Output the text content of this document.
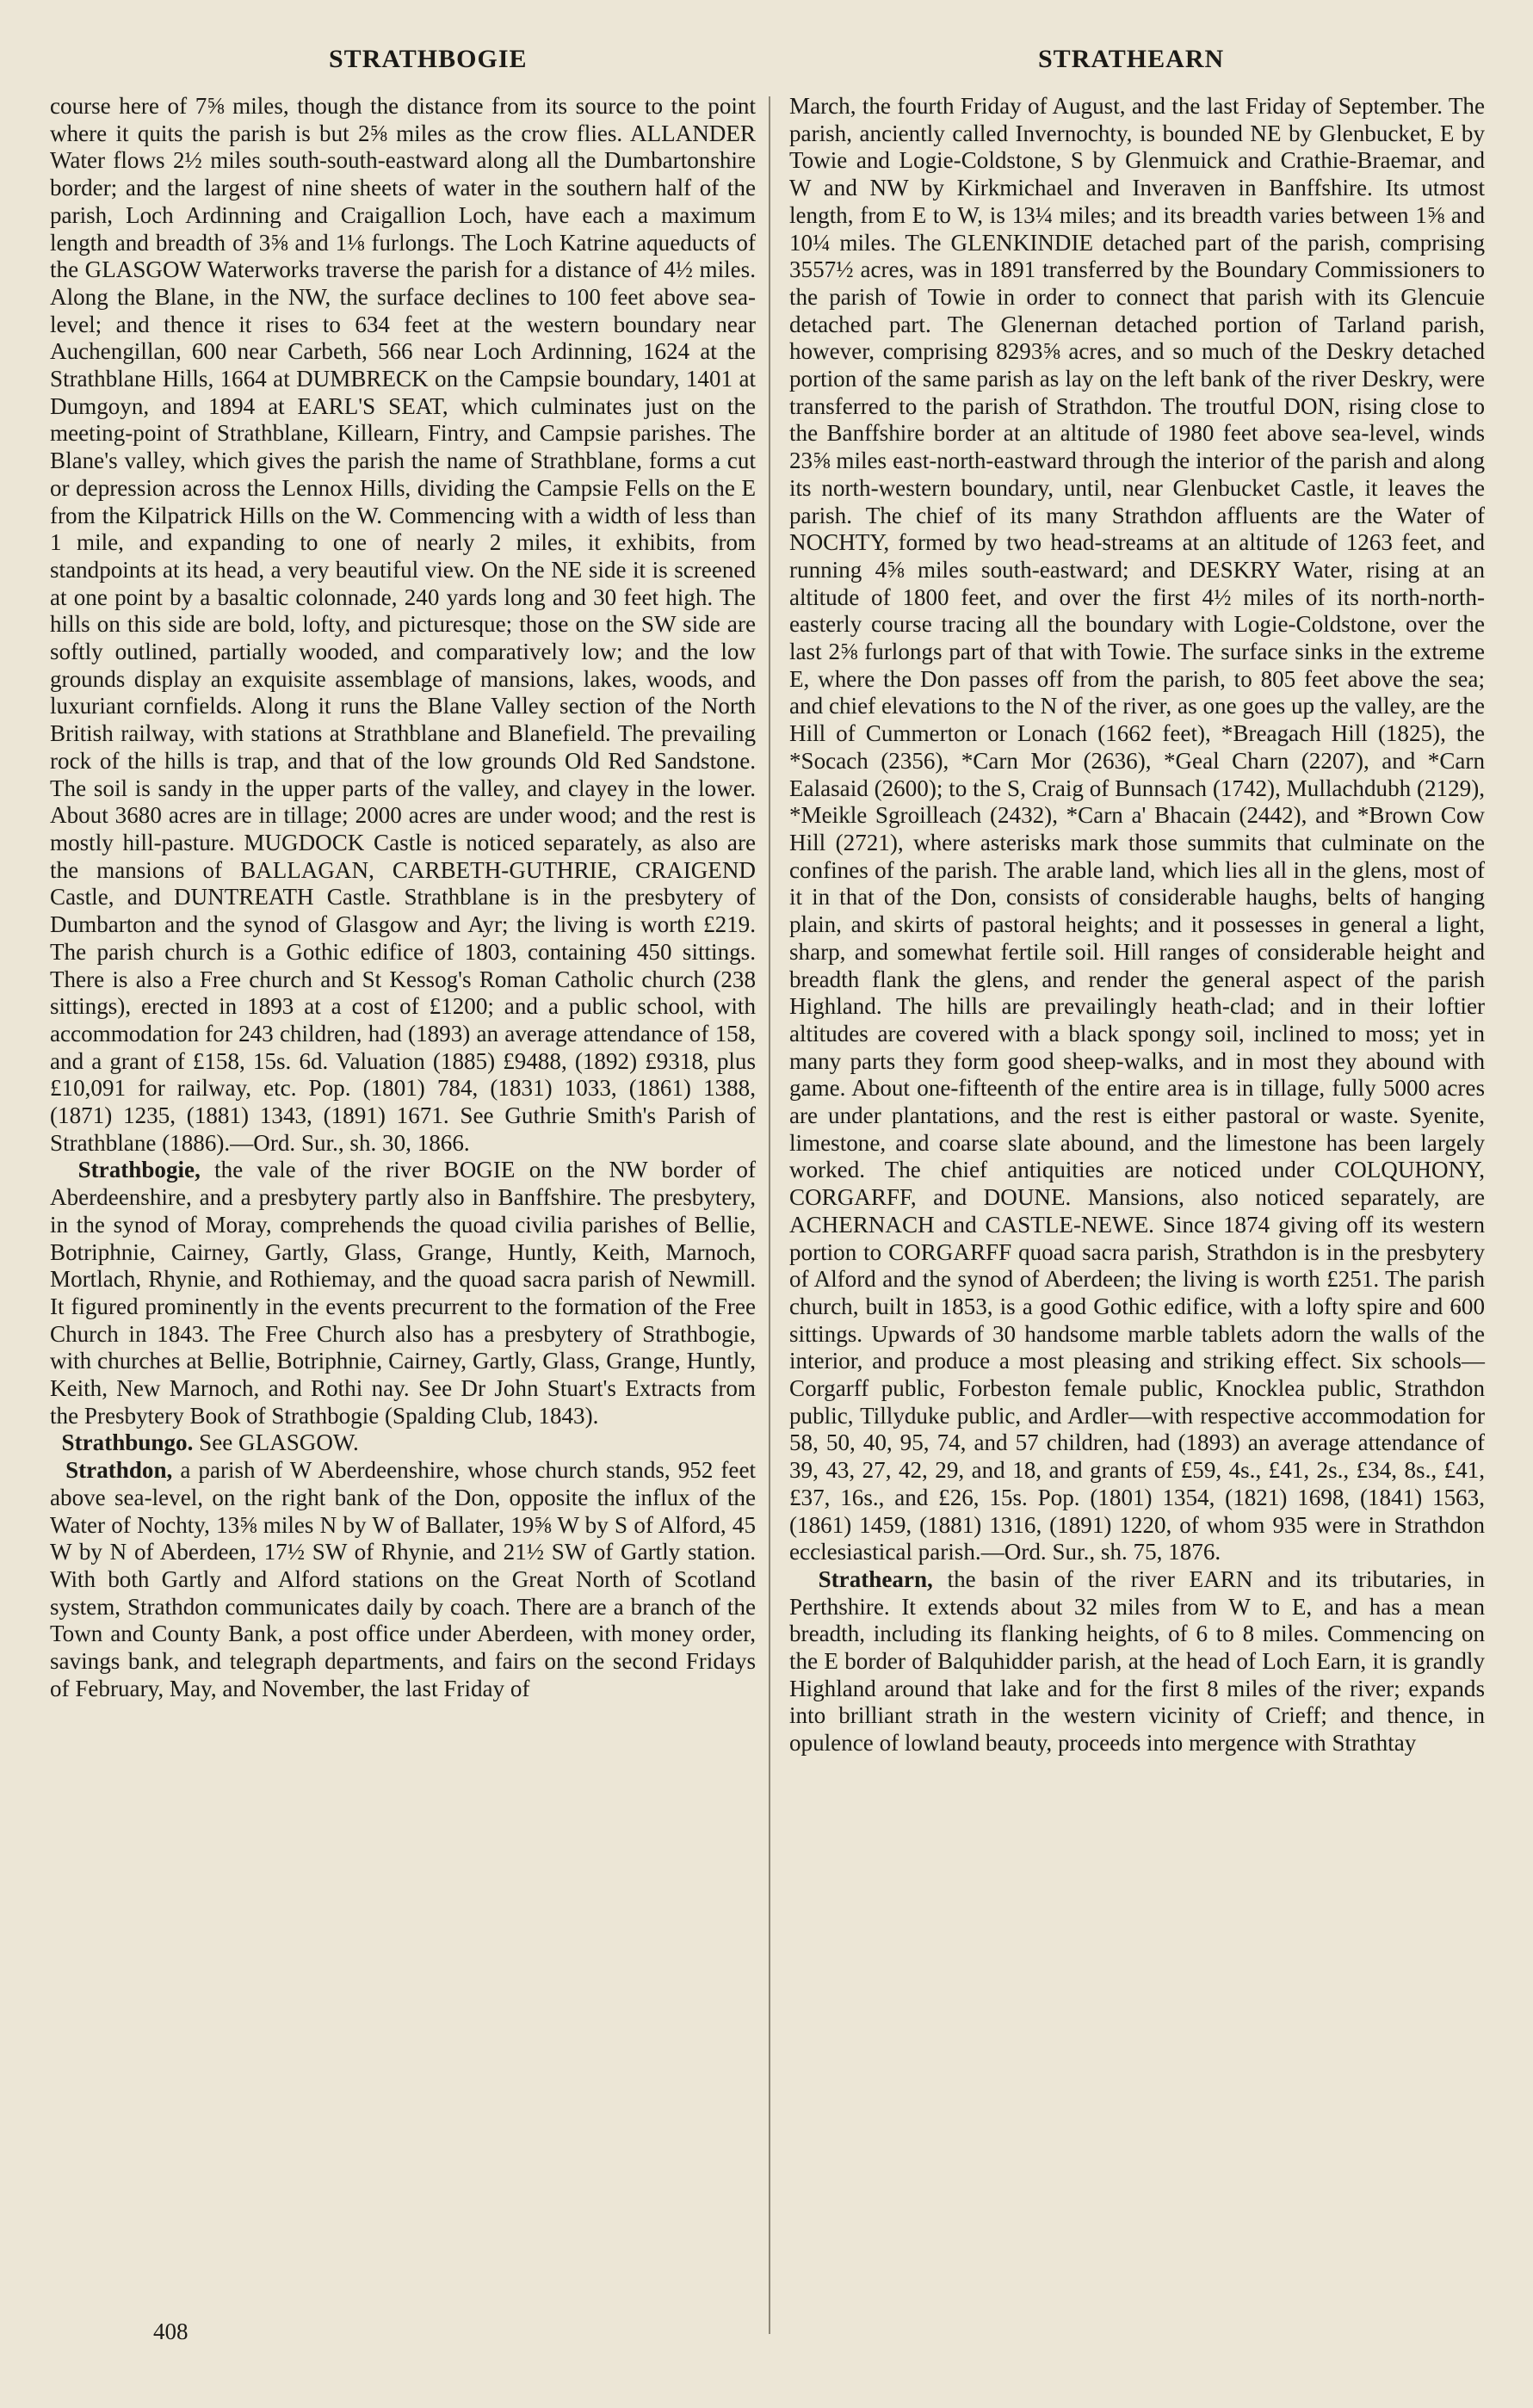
STRATHBOGIE	STRATHEARN

course here of 7⅝ miles, though the distance from its source to the point where it quits the parish is but 2⅝ miles as the crow flies. ALLANDER Water flows 2½ miles south-south-eastward along all the Dumbartonshire border; and the largest of nine sheets of water in the southern half of the parish, Loch Ardinning and Craigallion Loch, have each a maximum length and breadth of 3⅝ and 1⅛ furlongs. The Loch Katrine aqueducts of the GLASGOW Waterworks traverse the parish for a distance of 4½ miles. Along the Blane, in the NW, the surface declines to 100 feet above sea-level; and thence it rises to 634 feet at the western boundary near Auchengillan, 600 near Carbeth, 566 near Loch Ardinning, 1624 at the Strathblane Hills, 1664 at DUMBRECK on the Campsie boundary, 1401 at Dumgoyn, and 1894 at EARL'S SEAT, which culminates just on the meeting-point of Strathblane, Killearn, Fintry, and Campsie parishes. The Blane's valley, which gives the parish the name of Strathblane, forms a cut or depression across the Lennox Hills, dividing the Campsie Fells on the E from the Kilpatrick Hills on the W. Commencing with a width of less than 1 mile, and expanding to one of nearly 2 miles, it exhibits, from standpoints at its head, a very beautiful view. On the NE side it is screened at one point by a basaltic colonnade, 240 yards long and 30 feet high. The hills on this side are bold, lofty, and picturesque; those on the SW side are softly outlined, partially wooded, and comparatively low; and the low grounds display an exquisite assemblage of mansions, lakes, woods, and luxuriant cornfields. Along it runs the Blane Valley section of the North British railway, with stations at Strathblane and Blanefield. The prevailing rock of the hills is trap, and that of the low grounds Old Red Sandstone. The soil is sandy in the upper parts of the valley, and clayey in the lower. About 3680 acres are in tillage; 2000 acres are under wood; and the rest is mostly hill-pasture. MUGDOCK Castle is noticed separately, as also are the mansions of BALLAGAN, CARBETH-GUTHRIE, CRAIGEND Castle, and DUNTREATH Castle. Strathblane is in the presbytery of Dumbarton and the synod of Glasgow and Ayr; the living is worth £219. The parish church is a Gothic edifice of 1803, containing 450 sittings. There is also a Free church and St Kessog's Roman Catholic church (238 sittings), erected in 1893 at a cost of £1200; and a public school, with accommodation for 243 children, had (1893) an average attendance of 158, and a grant of £158, 15s. 6d. Valuation (1885) £9488, (1892) £9318, plus £10,091 for railway, etc. Pop. (1801) 784, (1831) 1033, (1861) 1388, (1871) 1235, (1881) 1343, (1891) 1671. See Guthrie Smith's Parish of Strathblane (1886).—Ord. Sur., sh. 30, 1866.

Strathbogie, the vale of the river BOGIE on the NW border of Aberdeenshire, and a presbytery partly also in Banffshire. The presbytery, in the synod of Moray, comprehends the quoad civilia parishes of Bellie, Botriphnie, Cairney, Gartly, Glass, Grange, Huntly, Keith, Marnoch, Mortlach, Rhynie, and Rothiemay, and the quoad sacra parish of Newmill. It figured prominently in the events precurrent to the formation of the Free Church in 1843. The Free Church also has a presbytery of Strathbogie, with churches at Bellie, Botriphnie, Cairney, Gartly, Glass, Grange, Huntly, Keith, New Marnoch, and Rothi nay. See Dr John Stuart's Extracts from the Presbytery Book of Strathbogie (Spalding Club, 1843).

Strathbungo. See GLASGOW.

Strathdon, a parish of W Aberdeenshire, whose church stands, 952 feet above sea-level, on the right bank of the Don, opposite the influx of the Water of Nochty, 13⅝ miles N by W of Ballater, 19⅝ W by S of Alford, 45 W by N of Aberdeen, 17½ SW of Rhynie, and 21½ SW of Gartly station. With both Gartly and Alford stations on the Great North of Scotland system, Strathdon communicates daily by coach. There are a branch of the Town and County Bank, a post office under Aberdeen, with money order, savings bank, and telegraph departments, and fairs on the second Fridays of February, May, and November, the last Friday of

March, the fourth Friday of August, and the last Friday of September. The parish, anciently called Invernochty, is bounded NE by Glenbucket, E by Towie and Logie-Coldstone, S by Glenmuick and Crathie-Braemar, and W and NW by Kirkmichael and Inveraven in Banffshire. Its utmost length, from E to W, is 13¼ miles; and its breadth varies between 1⅝ and 10¼ miles. The GLENKINDIE detached part of the parish, comprising 3557½ acres, was in 1891 transferred by the Boundary Commissioners to the parish of Towie in order to connect that parish with its Glencuie detached part. The Glenernan detached portion of Tarland parish, however, comprising 8293⅝ acres, and so much of the Deskry detached portion of the same parish as lay on the left bank of the river Deskry, were transferred to the parish of Strathdon. The troutful DON, rising close to the Banffshire border at an altitude of 1980 feet above sea-level, winds 23⅝ miles east-north-eastward through the interior of the parish and along its north-western boundary, until, near Glenbucket Castle, it leaves the parish. The chief of its many Strathdon affluents are the Water of NOCHTY, formed by two head-streams at an altitude of 1263 feet, and running 4⅝ miles south-eastward; and DESKRY Water, rising at an altitude of 1800 feet, and over the first 4½ miles of its north-north-easterly course tracing all the boundary with Logie-Coldstone, over the last 2⅝ furlongs part of that with Towie. The surface sinks in the extreme E, where the Don passes off from the parish, to 805 feet above the sea; and chief elevations to the N of the river, as one goes up the valley, are the Hill of Cummerton or Lonach (1662 feet), *Breagach Hill (1825), the *Socach (2356), *Carn Mor (2636), *Geal Charn (2207), and *Carn Ealasaid (2600); to the S, Craig of Bunnsach (1742), Mullachdubh (2129), *Meikle Sgroilleach (2432), *Carn a' Bhacain (2442), and *Brown Cow Hill (2721), where asterisks mark those summits that culminate on the confines of the parish. The arable land, which lies all in the glens, most of it in that of the Don, consists of considerable haughs, belts of hanging plain, and skirts of pastoral heights; and it possesses in general a light, sharp, and somewhat fertile soil. Hill ranges of considerable height and breadth flank the glens, and render the general aspect of the parish Highland. The hills are prevailingly heath-clad; and in their loftier altitudes are covered with a black spongy soil, inclined to moss; yet in many parts they form good sheep-walks, and in most they abound with game. About one-fifteenth of the entire area is in tillage, fully 5000 acres are under plantations, and the rest is either pastoral or waste. Syenite, limestone, and coarse slate abound, and the limestone has been largely worked. The chief antiquities are noticed under COLQUHONY, CORGARFF, and DOUNE. Mansions, also noticed separately, are ACHERNACH and CASTLE-NEWE. Since 1874 giving off its western portion to CORGARFF quoad sacra parish, Strathdon is in the presbytery of Alford and the synod of Aberdeen; the living is worth £251. The parish church, built in 1853, is a good Gothic edifice, with a lofty spire and 600 sittings. Upwards of 30 handsome marble tablets adorn the walls of the interior, and produce a most pleasing and striking effect. Six schools—Corgarff public, Forbeston female public, Knocklea public, Strathdon public, Tillyduke public, and Ardler—with respective accommodation for 58, 50, 40, 95, 74, and 57 children, had (1893) an average attendance of 39, 43, 27, 42, 29, and 18, and grants of £59, 4s., £41, 2s., £34, 8s., £41, £37, 16s., and £26, 15s. Pop. (1801) 1354, (1821) 1698, (1841) 1563, (1861) 1459, (1881) 1316, (1891) 1220, of whom 935 were in Strathdon ecclesiastical parish.—Ord. Sur., sh. 75, 1876.

Strathearn, the basin of the river EARN and its tributaries, in Perthshire. It extends about 32 miles from W to E, and has a mean breadth, including its flanking heights, of 6 to 8 miles. Commencing on the E border of Balquhidder parish, at the head of Loch Earn, it is grandly Highland around that lake and for the first 8 miles of the river; expands into brilliant strath in the western vicinity of Crieff; and thence, in opulence of lowland beauty, proceeds into mergence with Strathtay

408
